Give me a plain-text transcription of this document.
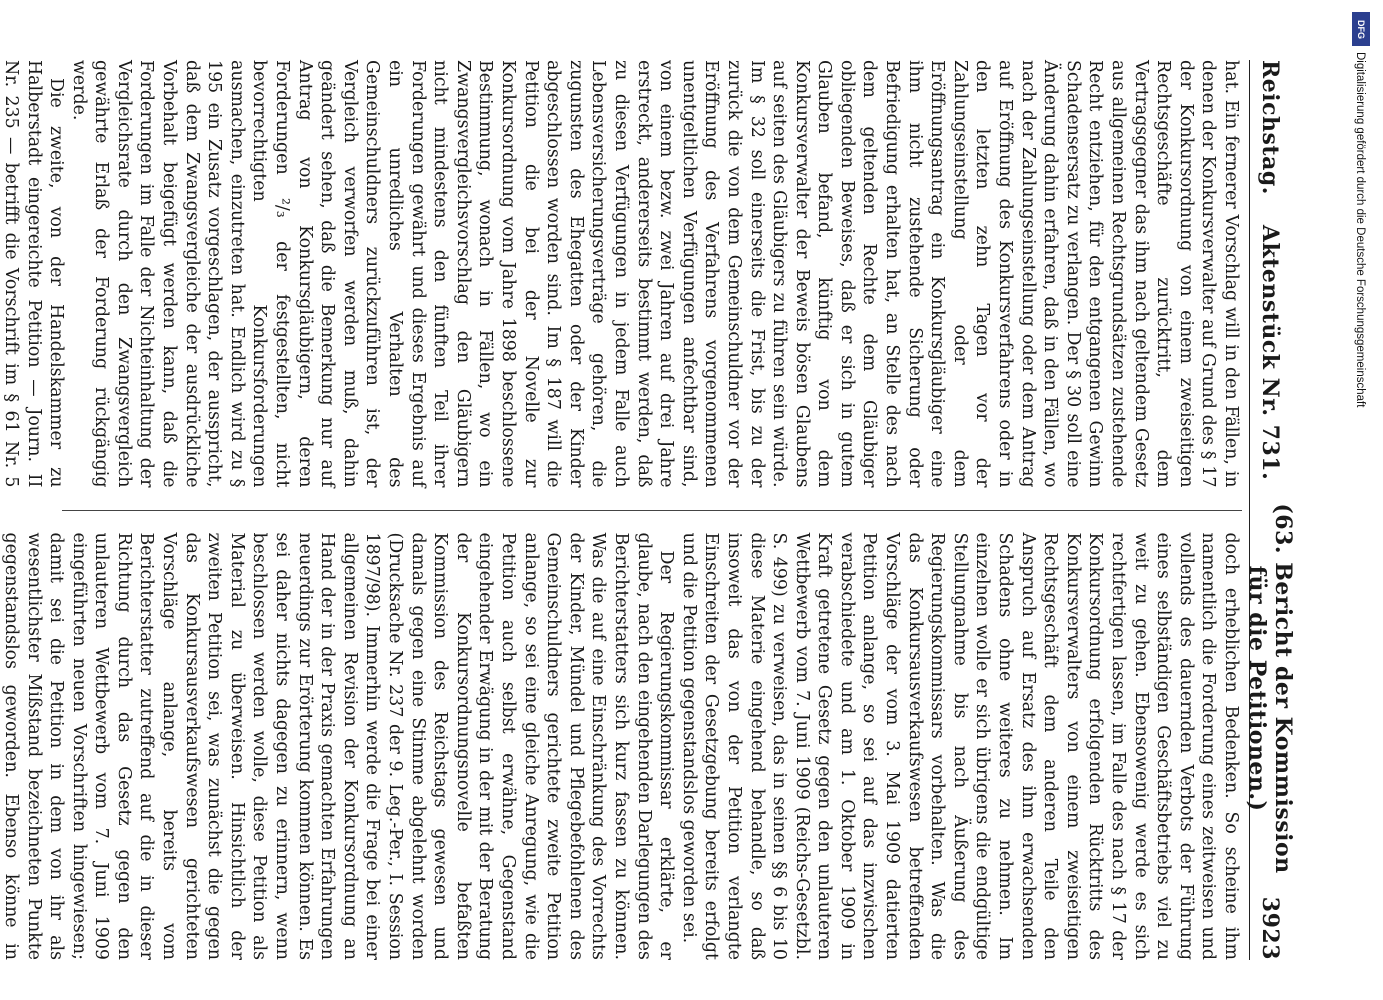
Reichstag.
Aktenstück Nr. 731.
(63. Bericht der Kommission für die Petitionen.)
3923

hat. Ein fernerer Vorschlag will in den Fällen, in denen der Konkursverwalter auf Grund des § 17 der Konkursordnung von einem zweiseitigen Rechtsgeschäfte zurücktritt, dem Vertragsgegner das ihm nach geltendem Gesetz aus allgemeinen Rechtsgrundsätzen zustehende Recht entziehen, für den entgangenen Gewinn Schadensersatz zu verlangen. Der § 30 soll eine Änderung dahin erfahren, daß in den Fällen, wo nach der Zahlungseinstellung oder dem Antrag auf Eröffnung des Konkursverfahrens oder in den letzten zehn Tagen vor der Zahlungseinstellung oder dem Eröffnungsantrag ein Konkursgläubiger eine ihm nicht zustehende Sicherung oder Befriedigung erhalten hat, an Stelle des nach dem geltenden Rechte dem Gläubiger obliegenden Beweises, daß er sich in gutem Glauben befand, künftig von dem Konkursverwalter der Beweis bösen Glaubens auf seiten des Gläubigers zu führen sein würde. Im § 32 soll einerseits die Frist, bis zu der zurück die von dem Gemeinschuldner vor der Eröffnung des Verfahrens vorgenommenen unentgeltlichen Verfügungen anfechtbar sind, von einem bezw. zwei Jahren auf drei Jahre erstreckt, andererseits bestimmt werden, daß zu diesen Verfügungen in jedem Falle auch Lebensversicherungsverträge gehören, die zugunsten des Ehegatten oder der Kinder abgeschlossen worden sind. Im § 187 will die Petition die bei der Novelle zur Konkursordnung vom Jahre 1898 beschlossene Bestimmung, wonach in Fällen, wo ein Zwangsvergleichsvorschlag den Gläubigern nicht mindestens den fünften Teil ihrer Forderungen gewährt und dieses Ergebnis auf ein unredliches Verhalten des Gemeinschuldners zurückzuführen ist, der Vergleich verworfen werden muß, dahin geändert sehen, daß die Bemerkung nur auf Antrag von Konkursgläubigern, deren Forderungen ²/₃ der festgestellten, nicht bevorrechtigten Konkursforderungen ausmachen, einzutreten hat. Endlich wird zu § 195 ein Zusatz vorgeschlagen, der ausspricht, daß dem Zwangsvergleiche der ausdrückliche Vorbehalt beigefügt werden kann, daß die Forderungen im Falle der Nichteinhaltung der Vergleichsrate durch den Zwangsvergleich gewährte Erlaß der Forderung rückgängig werde.

Die zweite, von der Handelskammer zu Halberstadt eingereichte Petition — Journ. II Nr. 235 — betrifft die Vorschrift im § 61 Nr. 5

doch erheblichen Bedenken. So scheine ihm namentlich die Forderung eines zeitweisen und vollends des dauernden Verbots der Führung eines selbständigen Geschäftsbetriebs viel zu weit zu gehen. Ebensowenig werde es sich rechtfertigen lassen, im Falle des nach § 17 der Konkursordnung erfolgenden Rücktritts des Konkursverwalters von einem zweiseitigen Rechtsgeschäft dem anderen Teile den Anspruch auf Ersatz des ihm erwachsenden Schadens ohne weiteres zu nehmen. Im einzelnen wolle er sich übrigens die endgültige Stellungnahme bis nach Äußerung des Regierungskommissars vorbehalten. Was die das Konkursausverkaufswesen betreffenden Vorschläge der vom 3. Mai 1909 datierten Petition anlange, so sei auf das inzwischen verabschiedete und am 1. Oktober 1909 in Kraft getretene Gesetz gegen den unlauteren Wettbewerb vom 7. Juni 1909 (Reichs-Gesetzbl. S. 499) zu verweisen, das in seinen §§ 6 bis 10 diese Materie eingehend behandle, so daß insoweit das von der Petition verlangte Einschreiten der Gesetzgebung bereits erfolgt und die Petition gegenstandslos geworden sei.

Der Regierungskommissar erklärte, er glaube, nach den eingehenden Darlegungen des Berichterstatters sich kurz fassen zu können. Was die auf eine Einschränkung des Vorrechts der Kinder, Mündel und Pflegebefohlenen des Gemeinschuldners gerichtete zweite Petition anlange, so sei eine gleiche Anregung, wie die Petition auch selbst erwähne, Gegenstand eingehender Erwägung in der mit der Beratung der Konkursordnungsnovelle befaßten Kommission des Reichstags gewesen und damals gegen eine Stimme abgelehnt worden (Drucksache Nr. 237 der 9. Leg.-Per., I. Session 1897/98). Immerhin werde die Frage bei einer allgemeinen Revision der Konkursordnung an Hand der in der Praxis gemachten Erfahrungen neuerdings zur Erörterung kommen können. Es sei daher nichts dagegen zu erinnern, wenn beschlossen werden wolle, diese Petition als Material zu überweisen. Hinsichtlich der zweiten Petition sei, was zunächst die gegen das Konkursausverkaufswesen gerichteten Vorschläge anlange, bereits vom Berichterstatter zutreffend auf die in dieser Richtung durch das Gesetz gegen den unlauteren Wettbewerb vom 7. Juni 1909 eingeführten neuen Vorschriften hingewiesen; damit sei die Petition in dem von ihr als wesentlichster Mißstand bezeichneten Punkte gegenstandslos geworden. Ebenso könne in

DFG
Digitalisierung gefördert durch die Deutsche Forschungsgemeinschaft
